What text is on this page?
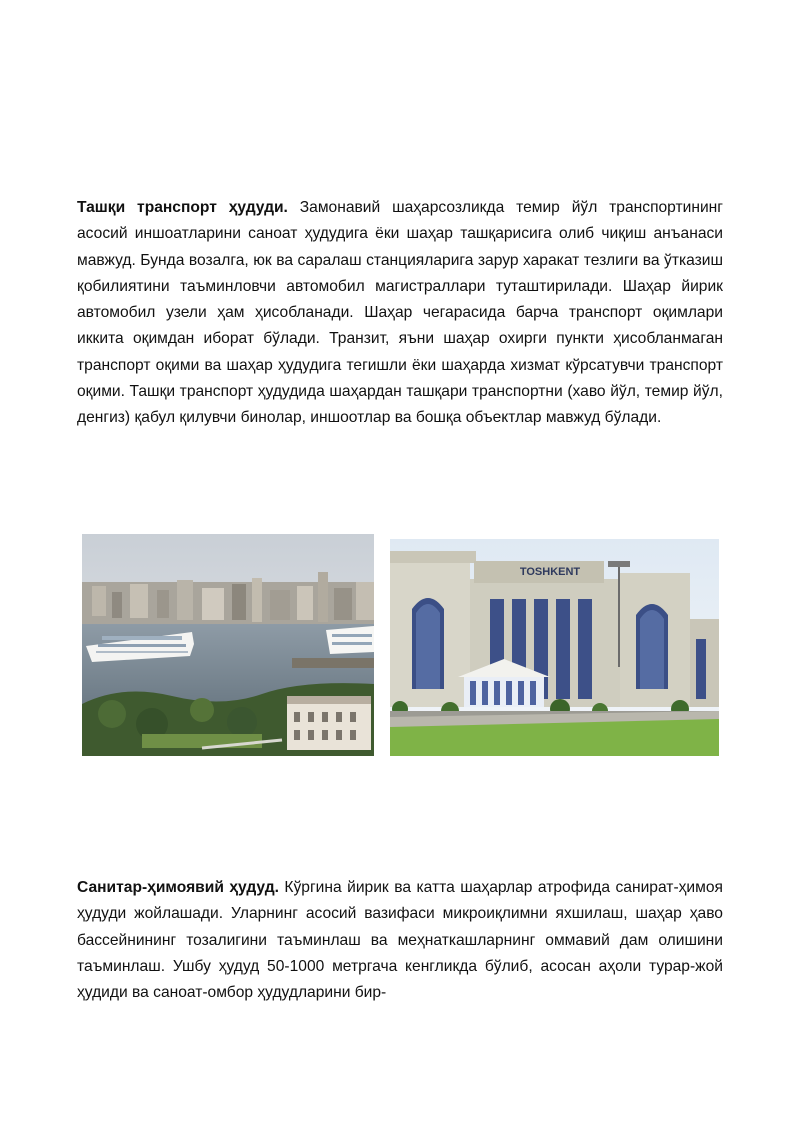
Ташқи транспорт ҳудуди. Замонавий шаҳарсозликда темир йўл транспортининг асосий иншоатларини саноат ҳудудига ёки шаҳар ташқарисига олиб чиқиш анъанаси мавжуд. Бунда возалга, юк ва саралаш станцияларига зарур харакат тезлиги ва ўтказиш қобилиятини таъминловчи автомобил магистраллари туташтирилади. Шаҳар йирик автомобил узели ҳам ҳисобланади. Шаҳар чегарасида барча транспорт оқимлари иккита оқимдан иборат бўлади. Транзит, яъни шаҳар охирги пункти ҳисобланмаган транспорт оқими ва шаҳар ҳудудига тегишли ёки шаҳарда хизмат кўрсатувчи транспорт оқими. Ташқи транспорт ҳудудида шаҳардан ташқари транспортни (хаво йўл, темир йўл, денгиз) қабул қилувчи бинолар, иншоотлар ва бошқа объектлар мавжуд бўлади.

TOSHKENT

Санитар-ҳимоявий ҳудуд. Кўргина йирик ва катта шаҳарлар атрофида санират-ҳимоя ҳудуди жойлашади. Уларнинг асосий вазифаси микроиқлимни яхшилаш, шаҳар ҳаво бассейнининг тозалигини таъминлаш ва меҳнаткашларнинг оммавий дам олишини таъминлаш. Ушбу ҳудуд 50-1000 метргача кенгликда бўлиб, асосан аҳоли турар-жой ҳудиди ва саноат-омбор ҳудудларини бир-
